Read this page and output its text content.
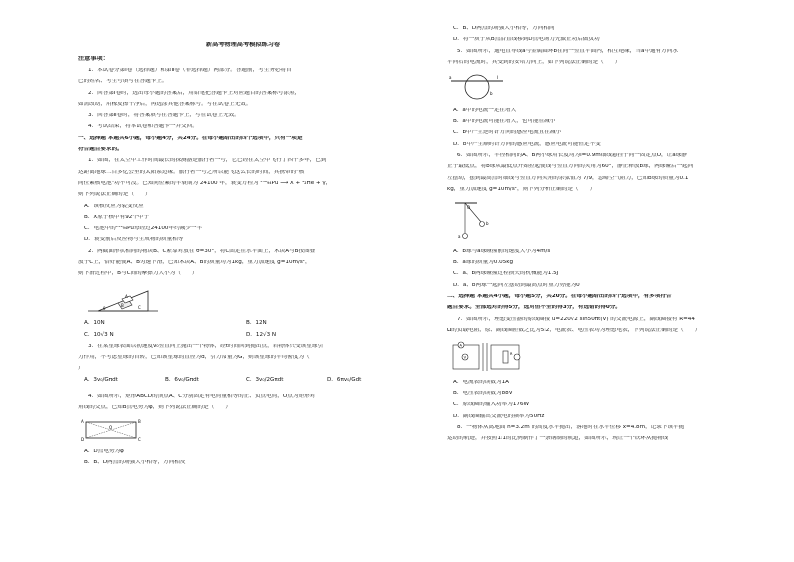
新高考物理高考模拟练习卷

注意事项：

1．本试卷分第Ⅰ卷（选择题）和第Ⅱ卷（非选择题）两部分。答题前，考生务必将自

己的姓名、考生号填写在答题卡上。

2．回答第Ⅰ卷时，选出每小题的答案后，用铅笔把答题卡上对应题目的答案标号涂黑，

如需改动，用橡皮擦干净后，再选涂其他答案标号。写在试卷上无效。

3．回答第Ⅱ卷时，将答案填写在答题卡上，写在试卷上无效。

4．考试结束，将本试卷和答题卡一并交回。

一、选择题 本题共6小题，每小题4分，共24分。在每小题给出的四个选项中，只有一项是

符合题目要求的。

1．如图，在太空中工作时间最长的探测器是旅行者一号，它已经在太空中飞行了四十多年，已到

达距离地球二百多亿公里的太阳系边缘。旅行者一号之所以能飞这么长的时间，其携带的"核

同位素核电池"功不可没。已知同位素的半衰期为 24100 年，衰变方程为 ²³⁹₉₄Pu ⟶ X + ⁴₂He + γ，

则下列说法正确的是（　　）

A．该核反应为裂变反应

B．X原子核中有92个中子

C．电池中的²³⁹₉₄Pu每经过24100年约减少一半

D．衰变前后反应物与生成物的质量相等

2．两截面形状相同的物块B、C紧靠对放在 θ=30°，将C固定在水平面上，木块A与B按图叠

放于C上，恰好能使A、B匀速下滑，已知木块A、B的质量均为1kg，重力加速度 g=10m/s²，

则下滑过程中，B与C间的摩擦力大小为（　　）

A
B	C
θ
A．10N	B．12N
C．10√3 N	D．12√3 N

3．在某星球表面以初速度v₀竖直向上抛出一个物体，经t时间回到抛出点，若物体只受该星球引

力作用，不考虑星球的自转，已知该星球的直径为d，引力常量为G，则该星球的平均密度为（　

）

A．3v₀/Gπdt	B．6v₀/Gπdt	C．3v₀/2Gπdt	D．6πv₀/Gdt

4．如图所示，矩形ABCD的顶点A、C分别固定有电荷量相等的正、负点电荷，O点为矩形对

角线的交点，已知B点电势为φ，则下列说法正确的是（　　）

A	B
C
D
O

A．D点电势为φ

B．B、D两点的场强大小相等，方向相反

C．B、D两点的场强大小相等，方向相同

D．将一质子从B点沿直线移到D点电场力先做正功后做负功

5．如图所示，通电直导线a与金属圆环b在同一竖直平面内，相互绝缘，当a中通有方向水

平向右的电流时，其受到的安培力向上，如下列说法正确的是（　　）

a
b
I

A．a中的电流一定在增大

B．a中的电流可能在增大，也可能在减小

C．b中产生逆时针方向的感应电流且在减小

D．b中产生顺时针方向的感应电流，感应电流可能恒定不变

6．如图所示，半径相同的A、B两小球用长度均为l=0.9m细线悬挂于同一固定点O，让a球静

止于最低点，将b球从最低点开始拉起使线与竖直方向的夹角为60°，静止释放b球，两球碰后一起向

左摆动，摆到最高点时细线与竖直方向夹角的余弦值为 7/9，忽略空气阻力，已知b球的质量为0.1

kg，重力加速度 g=10m/s²，则下列分析正确的是（　　）

O
a
b

A．b球与a球碰撞前的速度大小为4m/s

B．a球的质量为0.05kg

C．a、b两球碰撞过程损失的机械能为1.5J

D．a、b两球一起向左摆动到最高点时重力势能为0

二、选择题 本题共4小题，每小题5分，共20分。在每小题给出的四个选项中，有多项符合

题目要求。全部选对的得5分，选对但不全的得3分，有选错的得0分。

7．如图所示，理想变压器的原线圈接 u=220√2 sin50πt(V) 的交流电源上，副线圈接有 R=44

Ω的负载电阻，原、副线圈匝数之比为5∶2，电流表、电压表均为理想电表，下列说法正确的是（　　）

A
V
R

A．电流表的读数为1A

B．电压表的读数为88V

C．原线圈的输入功率为176W

D．副线圈输出交流电的频率为50Hz

8．一物体从离地面 h=3.2m 的高度水平抛出，落地时在水平位移 x=4.8m，记录下该平抛

运动的轨迹，并按照1∶1的比例制作了一条钢制的轨道，如图所示，现让一个铁环从抛物线
